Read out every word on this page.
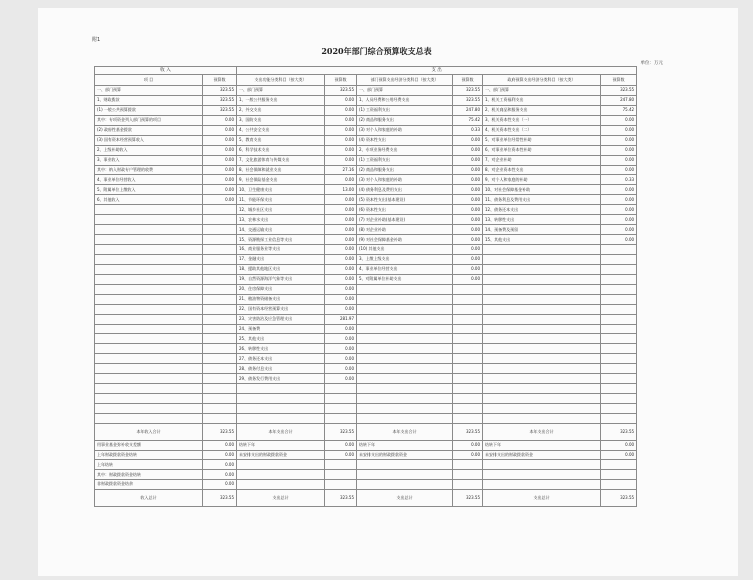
附1
2020年部门综合预算收支总表
单位：万元
收 入		支 出					
项 目	预算数	支出功能分类科目（按大类）	预算数	部门预算支出经济分类科目（按大类）	预算数	政府预算支出经济分类科目（按大类）	预算数
一、部门预算	323.55	一、部门预算	323.55	一、部门预算	323.55	一、部门预算	323.55
1、财政拨款	323.55	1、一般公共服务支出	0.00	1、人员经费和公用经费支出	323.55	1、机关工资福利支出	247.80
(1) 一般公共预算拨款	323.55	2、外交支出	0.00	(1) 工资福利支出	247.80	2、机关商品和服务支出	75.42
其中：专项资金列入部门预算的项目	0.00	3、国防支出	0.00	(2) 商品和服务支出	75.42	3、机关资本性支出（一）	0.00
(2) 政府性基金拨款	0.00	4、公共安全支出	0.00	(3) 对个人和家庭的补助	0.33	4、机关资本性支出（二）	0.00
(3) 国有资本经营预算收入	0.00	5、教育支出	0.00	(4) 资本性支出	0.00	5、对事业单位经常性补助	0.00
2、上级补助收入	0.00	6、科学技术支出	0.00	2、专项业务经费支出	0.00	6、对事业单位资本性补助	0.00
3、事业收入	0.00	7、文化旅游体育与传媒支出	0.00	(1) 工资福利支出	0.00	7、对企业补助	0.00
其中：纳入财政专户管理的收费	0.00	8、社会保障和就业支出	27.16	(2) 商品和服务支出	0.00	8、对企业资本性支出	0.00
4、事业单位经营收入	0.00	9、社会保险基金支出	0.00	(3) 对个人和家庭的补助	0.00	9、对个人和家庭的补助	0.33
5、附属单位上缴收入	0.00	10、卫生健康支出	13.00	(4) 债务利息及费用支出	0.00	10、对社会保障基金补助	0.00
6、其他收入	0.00	11、节能环保支出	0.00	(5) 资本性支出(基本建设)	0.00	11、债务利息及费用支出	0.00
		12、城乡社区支出	0.00	(6) 资本性支出	0.00	12、债务还本支出	0.00
		13、农林水支出	0.00	(7) 对企业补助(基本建设)	0.00	13、转移性支出	0.00
		14、交通运输支出	0.00	(8) 对企业补助	0.00	14、预备费及预留	0.00
		15、资源勘探工业信息等支出	0.00	(9) 对社会保障基金补助	0.00	15、其他支出	0.00
		16、商业服务业等支出	0.00	(10) 其他支出	0.00		
		17、金融支出	0.00	3、上缴上级支出	0.00		
		18、援助其他地区支出	0.00	4、事业单位经营支出	0.00		
		19、自然资源海洋气象等支出	0.00	5、对附属单位补助支出	0.00		
		20、住房保障支出	0.00				
		21、粮油物资储备支出	0.00				
		22、国有资本经营预算支出	0.00				
		23、灾害防治及应急管理支出	281.97				
		24、预备费	0.00				
		25、其他支出	0.00				
		26、转移性支出	0.00				
		27、债务还本支出	0.00				
		28、债务付息支出	0.00				
		29、债务发行费用支出	0.00				

本年收入合计	323.55	本年支出合计	323.55	本年支出合计	323.55	本年支出合计	323.55
用事业基金弥补收支差额	0.00	结转下年	0.00	结转下年	0.00	结转下年	0.00
上年财政拨款资金结转	0.00	未安排支出的财政拨款资金	0.00	未安排支出的财政拨款资金	0.00	未安排支出的财政拨款资金	0.00
上年结转	0.00						
其中：财政拨款资金结转	0.00						
非财政拨款资金结余	0.00						
收入总计	323.55	支出总计	323.55	支出总计	323.55	支出总计	323.55
